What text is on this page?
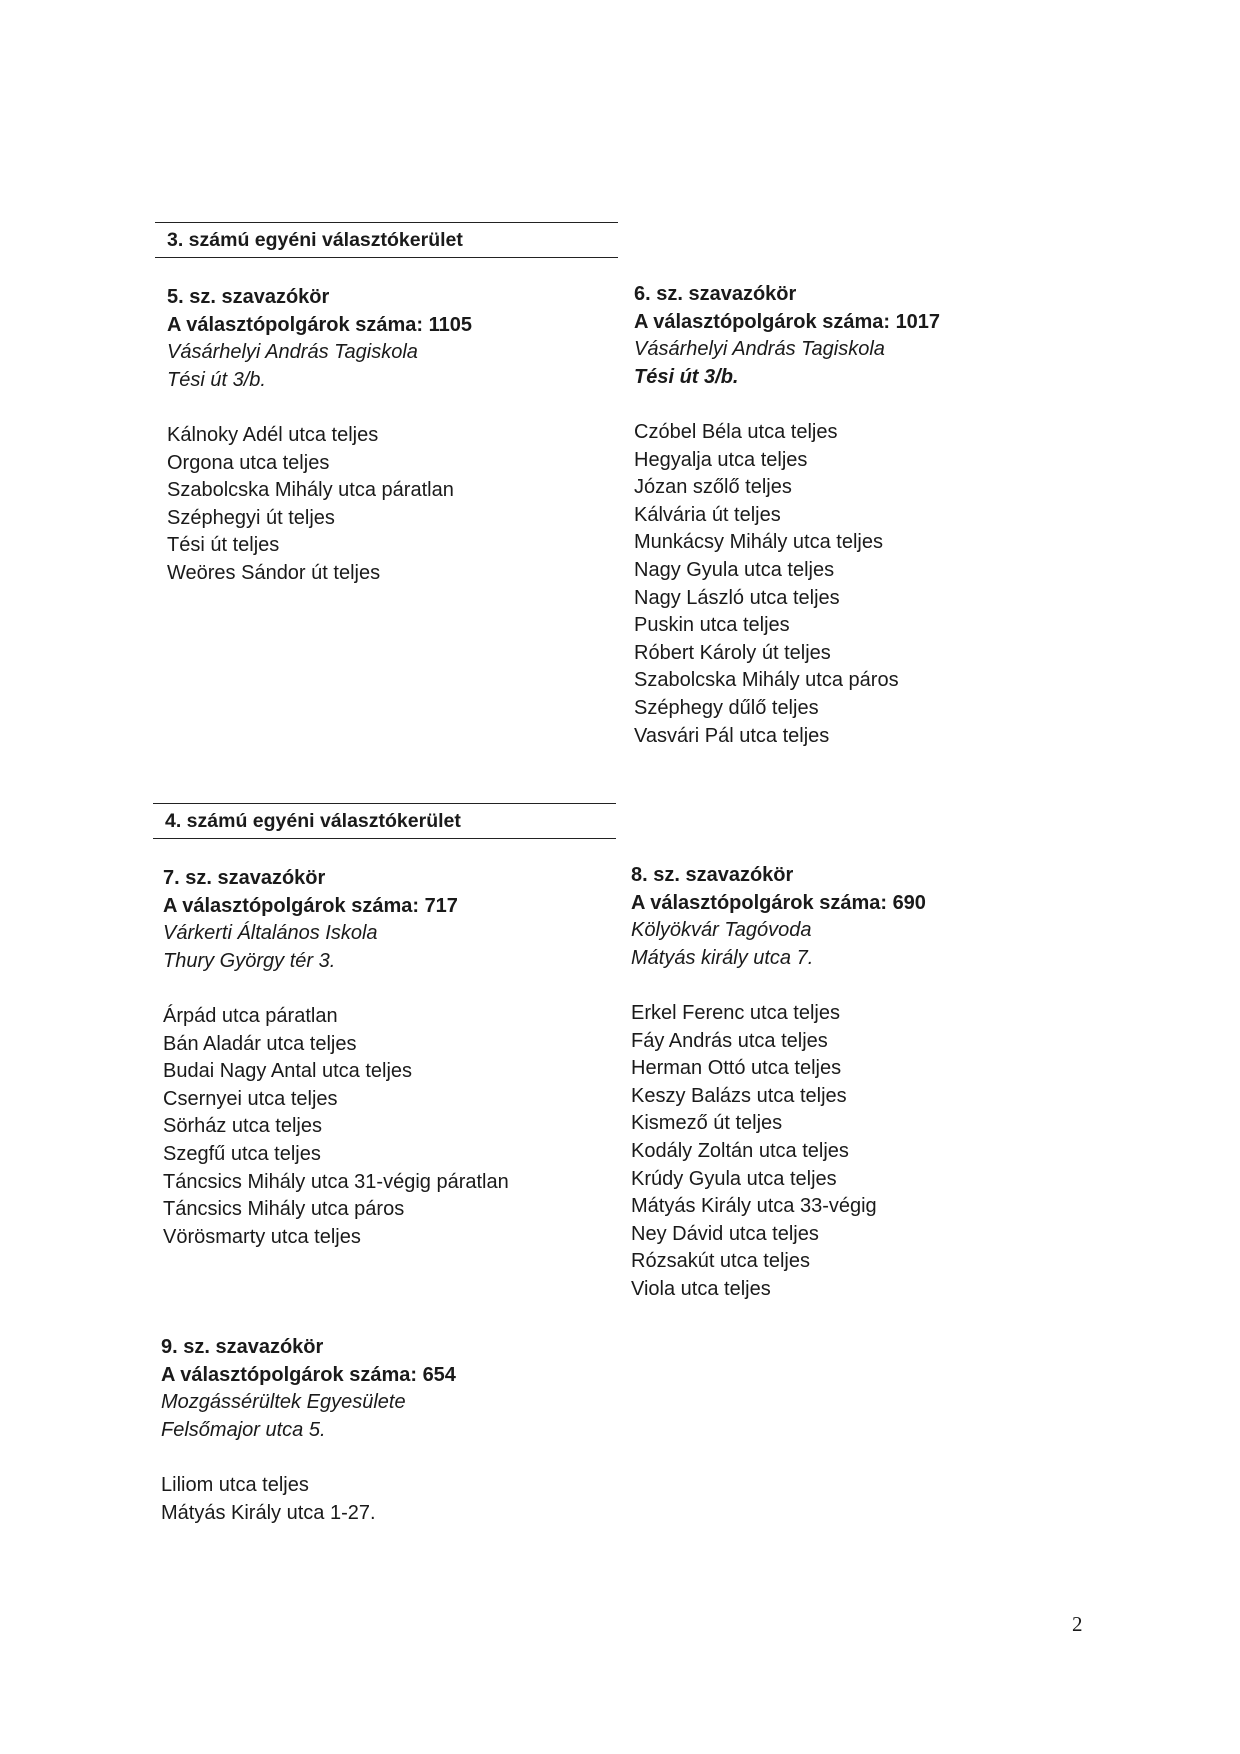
3. számú egyéni választókerület
5. sz. szavazókör
A választópolgárok száma: 1105
Vásárhelyi András Tagiskola
Tési út 3/b.
Kálnoky Adél utca teljes
Orgona utca teljes
Szabolcska Mihály utca páratlan
Széphegyi út teljes
Tési út teljes
Weöres Sándor út teljes
6. sz. szavazókör
A választópolgárok száma: 1017
Vásárhelyi András Tagiskola
Tési út 3/b.
Czóbel Béla utca teljes
Hegyalja utca teljes
Józan szőlő teljes
Kálvária út teljes
Munkácsy Mihály utca teljes
Nagy Gyula utca teljes
Nagy László utca teljes
Puskin utca teljes
Róbert Károly út teljes
Szabolcska Mihály utca páros
Széphegy dűlő teljes
Vasvári Pál utca teljes
4. számú egyéni választókerület
7. sz. szavazókör
A választópolgárok száma: 717
Várkerti Általános Iskola
Thury György tér 3.
Árpád utca páratlan
Bán Aladár utca teljes
Budai Nagy Antal utca teljes
Csernyei utca teljes
Sörház utca teljes
Szegfű utca teljes
Táncsics Mihály utca 31-végig páratlan
Táncsics Mihály utca páros
Vörösmarty utca teljes
8. sz. szavazókör
A választópolgárok száma: 690
Kölyökvár Tagóvoda
Mátyás király utca 7.
Erkel Ferenc utca teljes
Fáy András utca teljes
Herman Ottó utca teljes
Keszy Balázs utca teljes
Kismező út teljes
Kodály Zoltán utca teljes
Krúdy Gyula utca teljes
Mátyás Király utca 33-végig
Ney Dávid utca teljes
Rózsakút utca teljes
Viola utca teljes
9. sz. szavazókör
A választópolgárok száma: 654
Mozgássérültek Egyesülete
Felsőmajor utca 5.
Liliom utca teljes
Mátyás Király utca 1-27.
2
